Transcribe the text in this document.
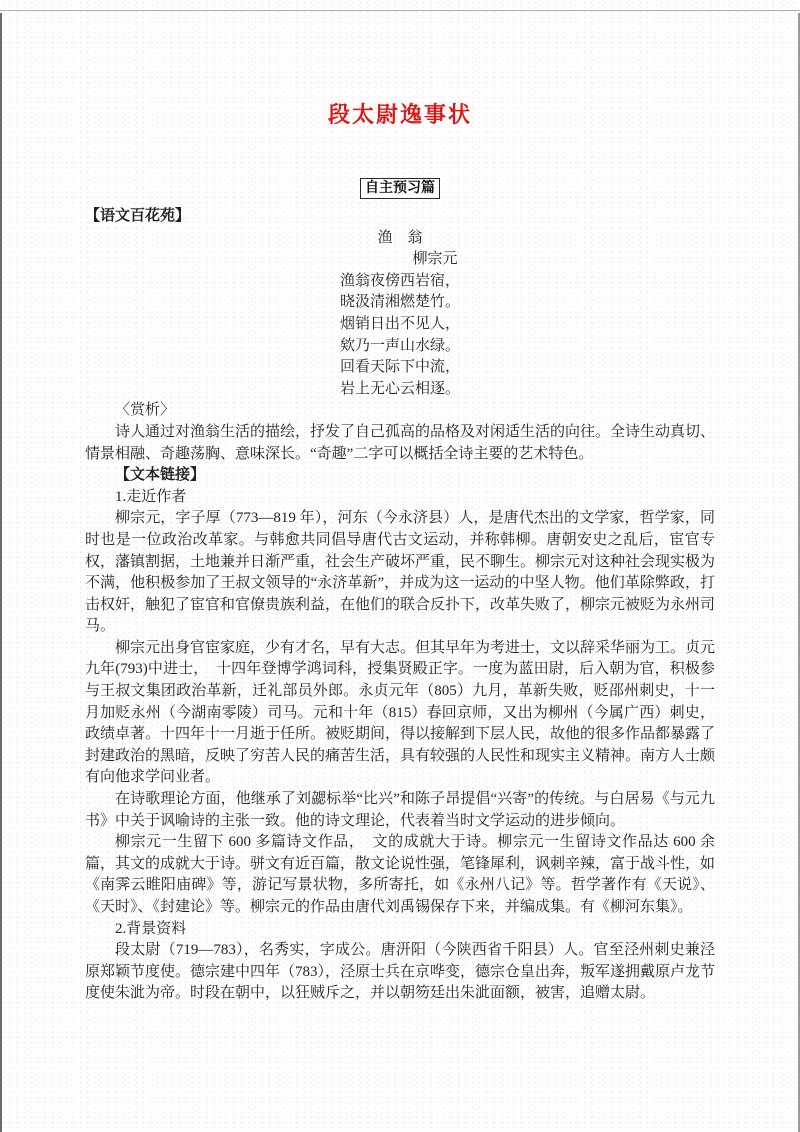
段太尉逸事状
自主预习篇
【语文百花苑】
渔　翁
柳宗元
渔翁夜傍西岩宿，
晓汲清湘燃楚竹。
烟销日出不见人，
欸乃一声山水绿。
回看天际下中流，
岩上无心云相逐。
〈赏析〉

诗人通过对渔翁生活的描绘，抒发了自己孤高的品格及对闲适生活的向往。全诗生动真切、情景相融、奇趣荡胸、意味深长。“奇趣”二字可以概括全诗主要的艺术特色。

【文本链接】
1.走近作者

柳宗元，字子厚（773—819 年），河东（今永济县）人，是唐代杰出的文学家，哲学家，同时也是一位政治改革家。与韩愈共同倡导唐代古文运动，并称韩柳。唐朝安史之乱后，宦官专权，藩镇割据，土地兼并日渐严重，社会生产破坏严重，民不聊生。柳宗元对这种社会现实极为不满，他积极参加了王叔文领导的“永济革新”，并成为这一运动的中坚人物。他们革除弊政，打击权奸，触犯了宦官和官僚贵族利益，在他们的联合反扑下，改革失败了，柳宗元被贬为永州司马。

柳宗元出身官宦家庭，少有才名，早有大志。但其早年为考进士，文以辞采华丽为工。贞元九年(793)中进士，　十四年登博学鸿词科，授集贤殿正字。一度为蓝田尉，后入朝为官，积极参与王叔文集团政治革新，迁礼部员外郎。永贞元年（805）九月，革新失败，贬邵州刺史，十一月加贬永州（今湖南零陵）司马。元和十年（815）春回京师，又出为柳州（今属广西）刺史，政绩卓著。十四年十一月逝于任所。被贬期间，得以接解到下层人民，故他的很多作品都暴露了封建政治的黑暗，反映了穷苦人民的痛苦生活，具有较强的人民性和现实主义精神。南方人士颇有向他求学问业者。

在诗歌理论方面，他继承了刘勰标举“比兴”和陈子昂提倡“兴寄”的传统。与白居易《与元九书》中关于讽喻诗的主张一致。他的诗文理论，代表着当时文学运动的进步倾向。

柳宗元一生留下 600 多篇诗文作品，　文的成就大于诗。柳宗元一生留诗文作品达 600 余篇，其文的成就大于诗。骈文有近百篇，散文论说性强，笔锋犀利，讽刺辛辣，富于战斗性，如《南霁云睢阳庙碑》等，游记写景状物，多所寄托，如《永州八记》等。哲学著作有《天说》、《天时》、《封建论》等。柳宗元的作品由唐代刘禹锡保存下来，并编成集。有《柳河东集》。

2.背景资料

段太尉（719—783），名秀实，字成公。唐汧阳（今陕西省千阳县）人。官至泾州刺史兼泾原郑颖节度使。德宗建中四年（783），泾原士兵在京哗变，德宗仓皇出奔，叛军遂拥戴原卢龙节度使朱泚为帝。时段在朝中，以狂贼斥之，并以朝笏廷出朱泚面额，被害，追赠太尉。
